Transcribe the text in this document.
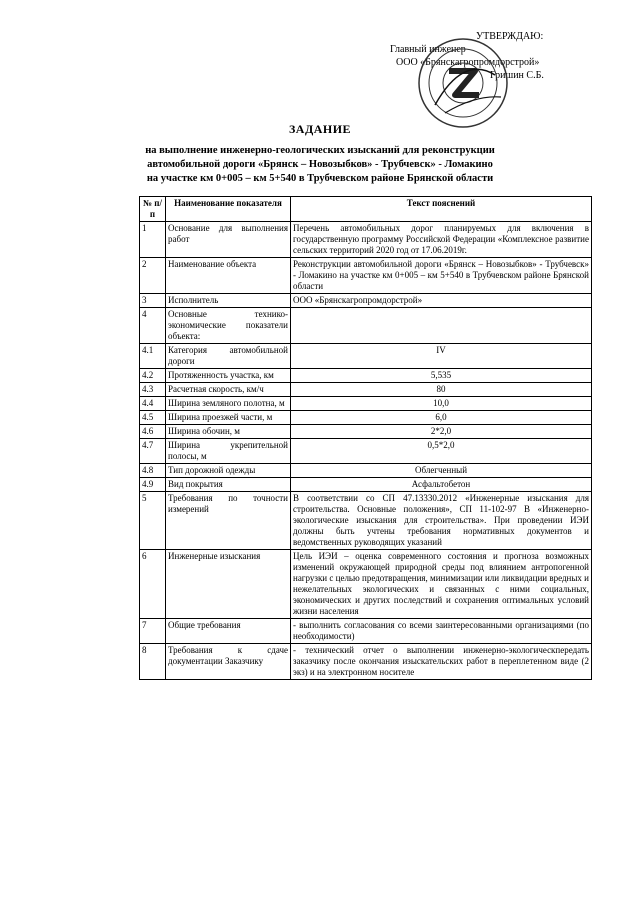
УТВЕРЖДАЮ:
Главный инженер
ООО «Брянскагропромдорстрой»
Гришин С.Б.
ЗАДАНИЕ
на выполнение инженерно-геологических изысканий для реконструкции
автомобильной дороги «Брянск – Новозыбков» - Трубчевск» - Ломакино
на участке км 0+005 – км 5+540 в Трубчевском районе Брянской области
№ п/п	Наименование показателя	Текст пояснений
1	Основание для выполнения работ	Перечень автомобильных дорог планируемых для включения в государственную программу Российской Федерации «Комплексное развитие сельских территорий 2020 год от 17.06.2019г.
2	Наименование объекта	Реконструкции автомобильной дороги «Брянск – Новозыбков» - Трубчевск» - Ломакино на участке км 0+005 – км 5+540 в Трубчевском районе Брянской области
3	Исполнитель	ООО «Брянскагропромдорстрой»
4	Основные технико-экономические показатели объекта:	
4.1	Категория автомобильной дороги	IV
4.2	Протяженность участка, км	5,535
4.3	Расчетная скорость, км/ч	80
4.4	Ширина земляного полотна, м	10,0
4.5	Ширина проезжей части, м	6,0
4.6	Ширина обочин, м	2*2,0
4.7	Ширина укрепительной полосы, м	0,5*2,0
4.8	Тип дорожной одежды	Облегченный
4.9	Вид покрытия	Асфальтобетон
5	Требования по точности измерений	В соответствии со СП 47.13330.2012 «Инженерные изыскания для строительства. Основные положения», СП 11-102-97 В «Инженерно-экологические изыскания для строительства». При проведении ИЭИ должны быть учтены требования нормативных документов и ведомственных руководящих указаний
6	Инженерные изыскания	Цель ИЭИ – оценка современного состояния и прогноза возможных изменений окружающей природной среды под влиянием антропогенной нагрузки с целью предотвращения, минимизации или ликвидации вредных и нежелательных экологических и связанных с ними социальных, экономических и других последствий и сохранения оптимальных условий жизни населения
7	Общие требования	- выполнить согласования со всеми заинтересованными организациями (по необходимости)
8	Требования к сдаче документации Заказчику	- технический отчет о выполнении инженерно-экологическпередать заказчику после окончания изыскательских работ в переплетенном виде (2 экз) и на электронном носителе
